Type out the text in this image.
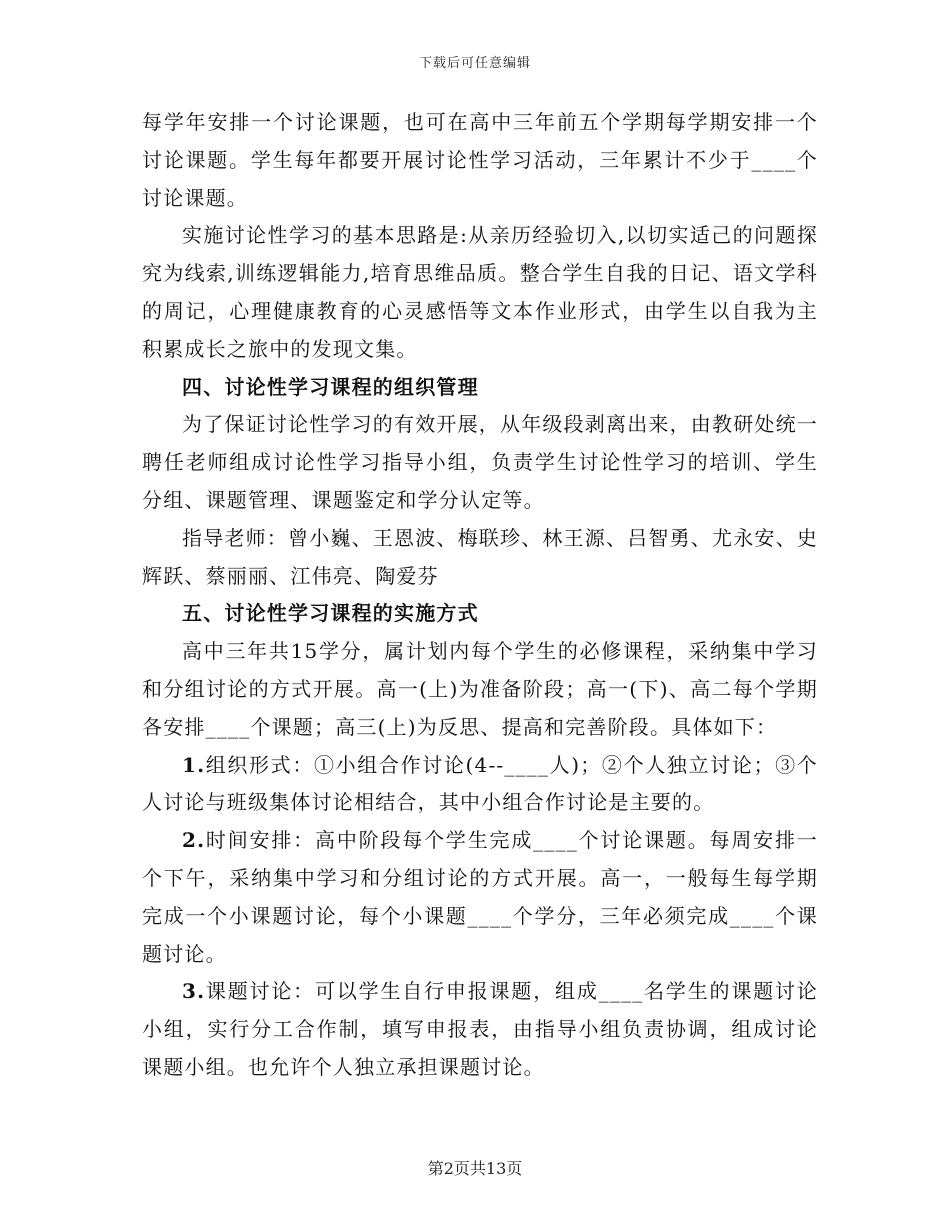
下载后可任意编辑

每学年安排一个讨论课题，也可在高中三年前五个学期每学期安排一个讨论课题。学生每年都要开展讨论性学习活动，三年累计不少于____个讨论课题。

实施讨论性学习的基本思路是:从亲历经验切入,以切实适己的问题探究为线索,训练逻辑能力,培育思维品质。整合学生自我的日记、语文学科的周记，心理健康教育的心灵感悟等文本作业形式，由学生以自我为主积累成长之旅中的发现文集。

四、讨论性学习课程的组织管理

为了保证讨论性学习的有效开展，从年级段剥离出来，由教研处统一聘任老师组成讨论性学习指导小组，负责学生讨论性学习的培训、学生分组、课题管理、课题鉴定和学分认定等。

指导老师：曾小巍、王恩波、梅联珍、林王源、吕智勇、尤永安、史辉跃、蔡丽丽、江伟亮、陶爱芬

五、讨论性学习课程的实施方式

高中三年共15学分，属计划内每个学生的必修课程，采纳集中学习和分组讨论的方式开展。高一(上)为准备阶段；高一(下)、高二每个学期各安排____个课题；高三(上)为反思、提高和完善阶段。具体如下：

1.组织形式：①小组合作讨论(4--____人)；②个人独立讨论；③个人讨论与班级集体讨论相结合，其中小组合作讨论是主要的。

2.时间安排：高中阶段每个学生完成____个讨论课题。每周安排一个下午，采纳集中学习和分组讨论的方式开展。高一，一般每生每学期完成一个小课题讨论，每个小课题____个学分，三年必须完成____个课题讨论。

3.课题讨论：可以学生自行申报课题，组成____名学生的课题讨论小组，实行分工合作制，填写申报表，由指导小组负责协调，组成讨论课题小组。也允许个人独立承担课题讨论。

第2页共13页
